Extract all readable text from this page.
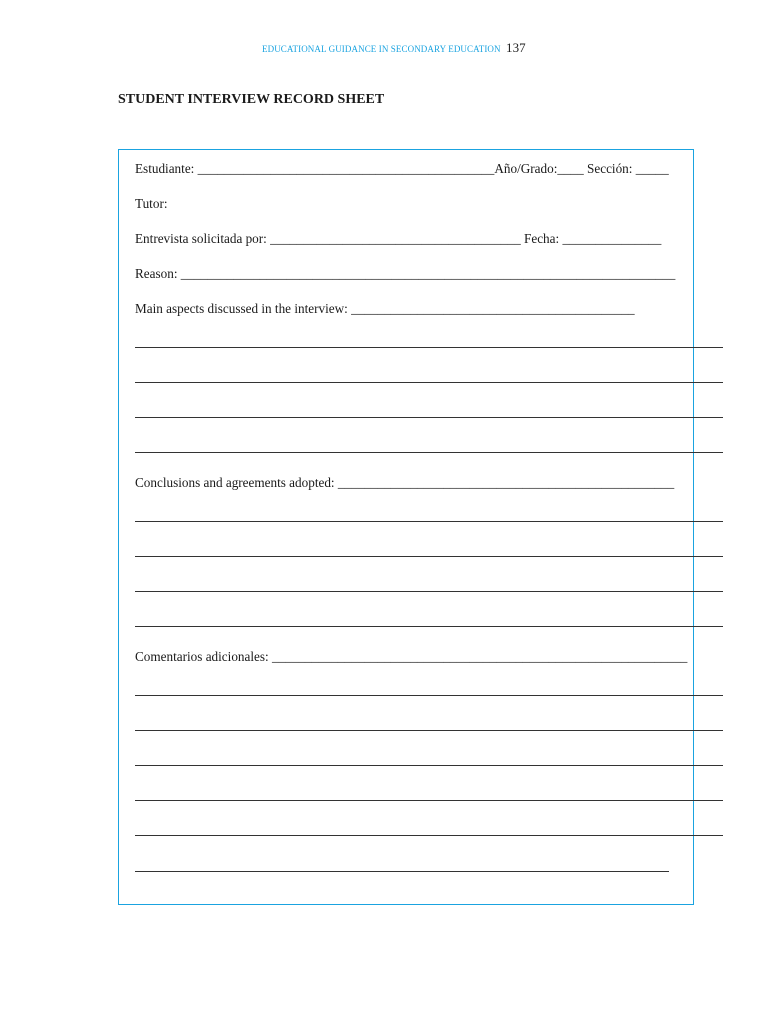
EDUCATIONAL GUIDANCE IN SECONDARY EDUCATION 137
STUDENT INTERVIEW RECORD SHEET
Estudiante: _____________________________________________Año/Grado:____ Sección: _____
Tutor:
Entrevista solicitada por: ______________________________________ Fecha: _______________
Reason: ___________________________________________________________________________
Main aspects discussed in the interview: ___________________________________________
Conclusions and agreements adopted: ___________________________________________________
Comentarios adicionales: _______________________________________________________________
